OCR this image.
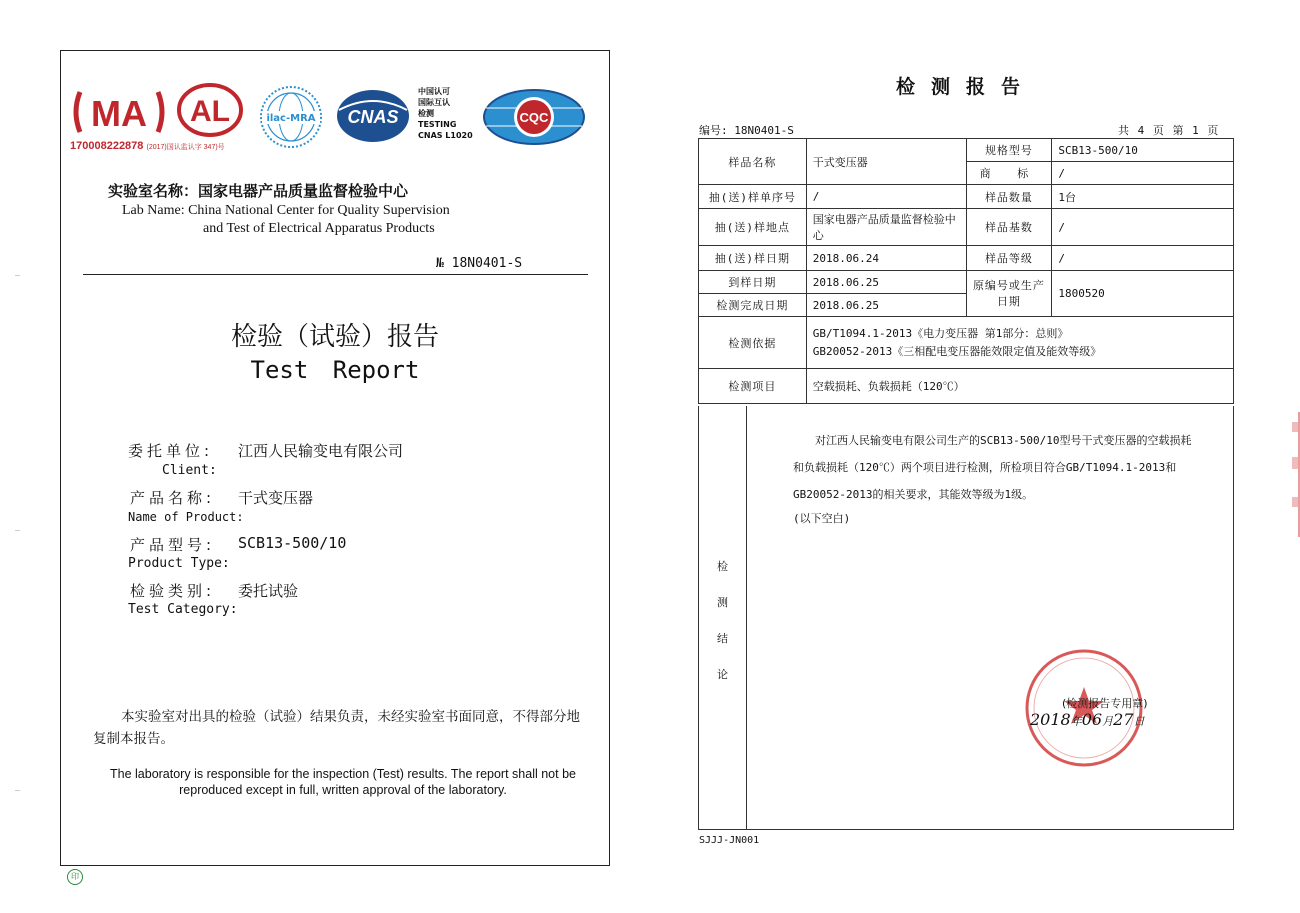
MA
170008222878 (2017)国认监认字 347)号
AL	ilac-MRA CNAS
中国认可
国际互认
检测
TESTING
CNAS L1020
CQC
实验室名称：国家电器产品质量监督检验中心
Lab Name: China National Center for Quality Supervision
and Test of Electrical Apparatus Products
№ 18N0401-S
检验（试验）报告
Test Report
委托单位: 江西人民输变电有限公司
Client:
产品名称: 干式变压器
Name of Product:
产品型号: SCB13-500/10
Product Type:
检验类别: 委托试验
Test Category:
本实验室对出具的检验（试验）结果负责，未经实验室书面同意，不得部分地复制本报告。
The laboratory is responsible for the inspection (Test) results. The report shall not be reproduced except in full, written approval of the laboratory.
印
检测报告
编号: 18N0401-S	共 4 页 第 1 页
样品名称	干式变压器	规格型号	SCB13-500/10
		商 标	/
抽(送)样单序号	/	样品数量	1台
抽(送)样地点	国家电器产品质量监督检验中心	样品基数	/
抽(送)样日期	2018.06.24	样品等级	/
到样日期	2018.06.25	原编号或生产日期	1800520
检测完成日期	2018.06.25		
检测依据	GB/T1094.1-2013《电力变压器 第1部分：总则》
GB20052-2013《三相配电变压器能效限定值及能效等级》		

检测项目	空载损耗、负载损耗（120℃）		
检
测
结
论
对江西人民输变电有限公司生产的SCB13-500/10型号干式变压器的空载损耗和负载损耗（120℃）两个项目进行检测，所检项目符合GB/T1094.1-2013和GB20052-2013的相关要求，其能效等级为1级。
(以下空白)
(检测报告专用章)
2018年06月27日
SJJJ-JN001
